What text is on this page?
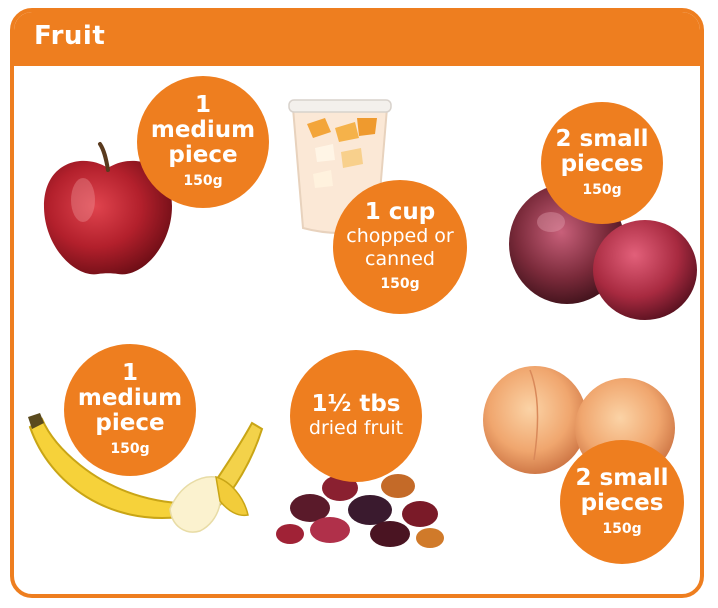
Fruit
1
medium
piece
150g
1 cup
chopped or
canned
150g
2 small
pieces
150g
1
medium
piece
150g
1½ tbs
dried fruit
2 small
pieces
150g
